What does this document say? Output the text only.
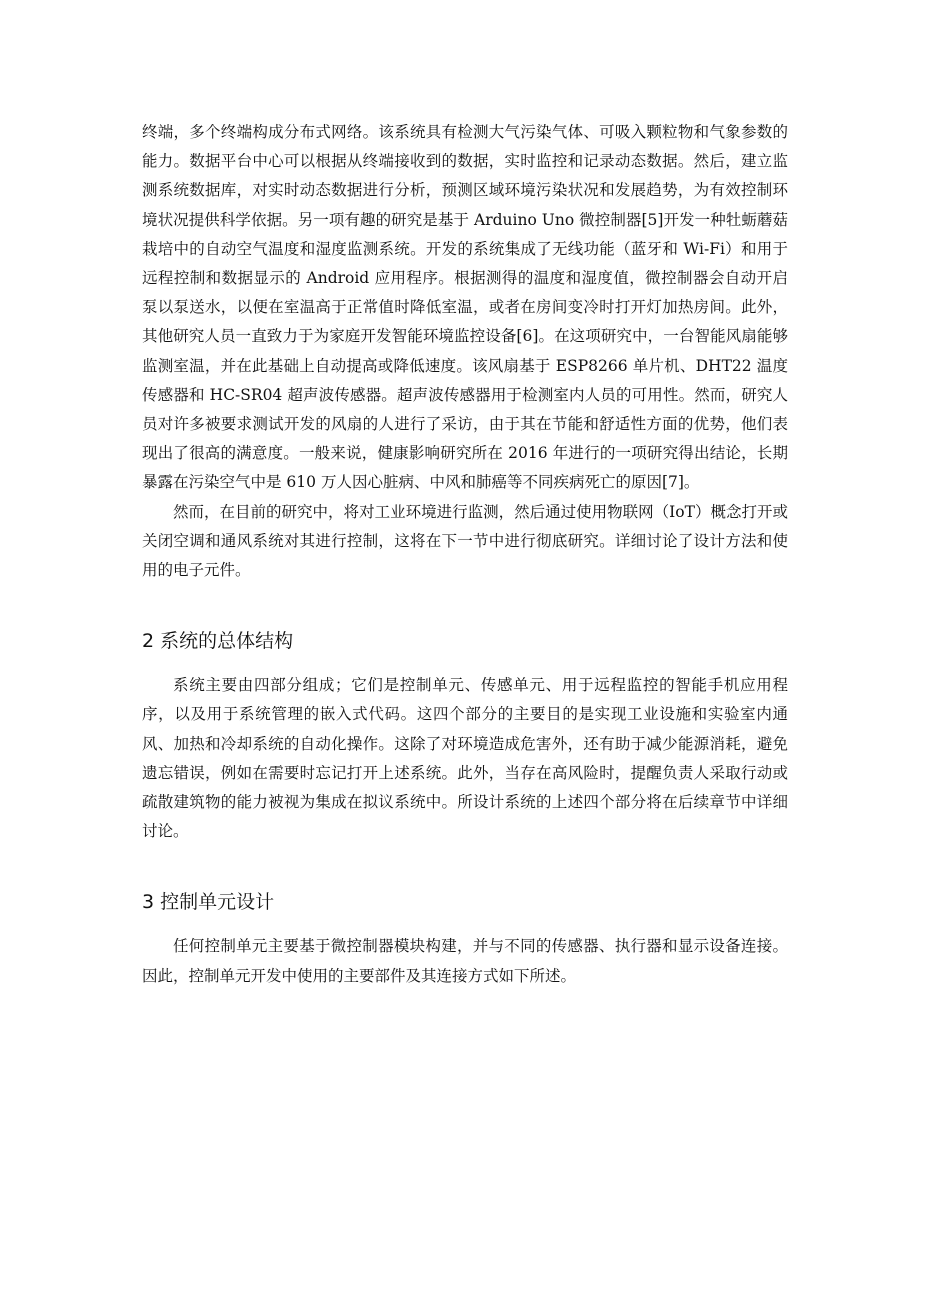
终端，多个终端构成分布式网络。该系统具有检测大气污染气体、可吸入颗粒物和气象参数的能力。数据平台中心可以根据从终端接收到的数据，实时监控和记录动态数据。然后，建立监测系统数据库，对实时动态数据进行分析，预测区域环境污染状况和发展趋势，为有效控制环境状况提供科学依据。另一项有趣的研究是基于 Arduino Uno 微控制器[5]开发一种牡蛎蘑菇栽培中的自动空气温度和湿度监测系统。开发的系统集成了无线功能（蓝牙和 Wi-Fi）和用于远程控制和数据显示的 Android 应用程序。根据测得的温度和湿度值，微控制器会自动开启泵以泵送水，以便在室温高于正常值时降低室温，或者在房间变冷时打开灯加热房间。此外，其他研究人员一直致力于为家庭开发智能环境监控设备[6]。在这项研究中，一台智能风扇能够监测室温，并在此基础上自动提高或降低速度。该风扇基于 ESP8266 单片机、DHT22 温度传感器和 HC-SR04 超声波传感器。超声波传感器用于检测室内人员的可用性。然而，研究人员对许多被要求测试开发的风扇的人进行了采访，由于其在节能和舒适性方面的优势，他们表现出了很高的满意度。一般来说，健康影响研究所在 2016 年进行的一项研究得出结论，长期暴露在污染空气中是 610 万人因心脏病、中风和肺癌等不同疾病死亡的原因[7]。

然而，在目前的研究中，将对工业环境进行监测，然后通过使用物联网（IoT）概念打开或关闭空调和通风系统对其进行控制，这将在下一节中进行彻底研究。详细讨论了设计方法和使用的电子元件。

2 系统的总体结构

系统主要由四部分组成；它们是控制单元、传感单元、用于远程监控的智能手机应用程序，以及用于系统管理的嵌入式代码。这四个部分的主要目的是实现工业设施和实验室内通风、加热和冷却系统的自动化操作。这除了对环境造成危害外，还有助于减少能源消耗，避免遗忘错误，例如在需要时忘记打开上述系统。此外，当存在高风险时，提醒负责人采取行动或疏散建筑物的能力被视为集成在拟议系统中。所设计系统的上述四个部分将在后续章节中详细讨论。

3 控制单元设计

任何控制单元主要基于微控制器模块构建，并与不同的传感器、执行器和显示设备连接。因此，控制单元开发中使用的主要部件及其连接方式如下所述。
